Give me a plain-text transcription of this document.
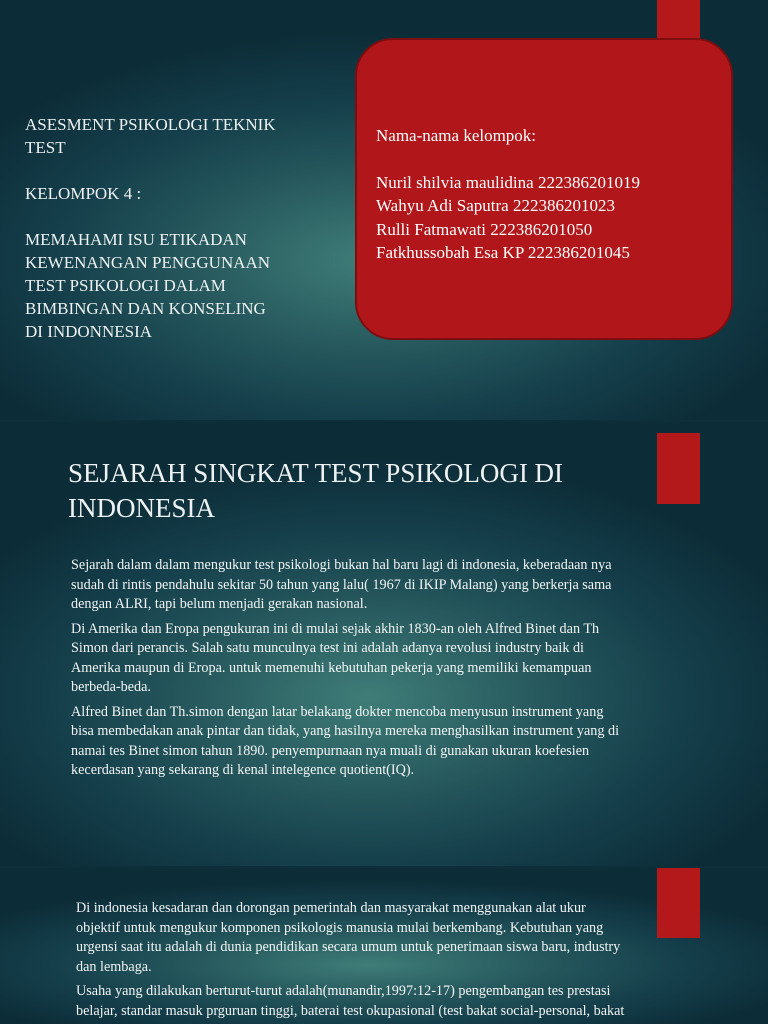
ASESMENT PSIKOLOGI TEKNIK
TEST

KELOMPOK 4 :

MEMAHAMI ISU ETIKADAN
KEWENANGAN PENGGUNAAN
TEST PSIKOLOGI DALAM
BIMBINGAN DAN KONSELING
DI INDONNESIA

Nama-nama kelompok:
Nuril shilvia maulidina 222386201019
Wahyu Adi Saputra 222386201023
Rulli Fatmawati 222386201050
Fatkhussobah Esa KP 222386201045
SEJARAH SINGKAT TEST PSIKOLOGI DI
INDONESIA

Sejarah dalam dalam mengukur test psikologi bukan hal baru lagi di indonesia, keberadaan nya
sudah di rintis pendahulu sekitar 50 tahun yang lalu( 1967 di IKIP Malang) yang berkerja sama
dengan ALRI, tapi belum menjadi gerakan nasional.

Di Amerika dan Eropa pengukuran ini di mulai sejak akhir 1830-an oleh Alfred Binet dan Th
Simon dari perancis. Salah satu munculnya test ini adalah adanya revolusi industry baik di
Amerika maupun di Eropa. untuk memenuhi kebutuhan pekerja yang memiliki kemampuan
berbeda-beda.

Alfred Binet dan Th.simon dengan latar belakang dokter mencoba menyusun instrument yang
bisa membedakan anak pintar dan tidak, yang hasilnya mereka menghasilkan instrument yang di
namai tes Binet simon tahun 1890. penyempurnaan nya muali di gunakan ukuran koefesien
kecerdasan yang sekarang di kenal intelegence quotient(IQ).

Di indonesia kesadaran dan dorongan pemerintah dan masyarakat menggunakan alat ukur
objektif untuk mengukur komponen psikologis manusia mulai berkembang. Kebutuhan yang
urgensi saat itu adalah di dunia pendidikan secara umum untuk penerimaan siswa baru, industry
dan lembaga.

Usaha yang dilakukan berturut-turut adalah(munandir,1997:12-17) pengembangan tes prestasi
belajar, standar masuk prguruan tinggi, baterai test okupasional (test bakat social-personal, bakat
